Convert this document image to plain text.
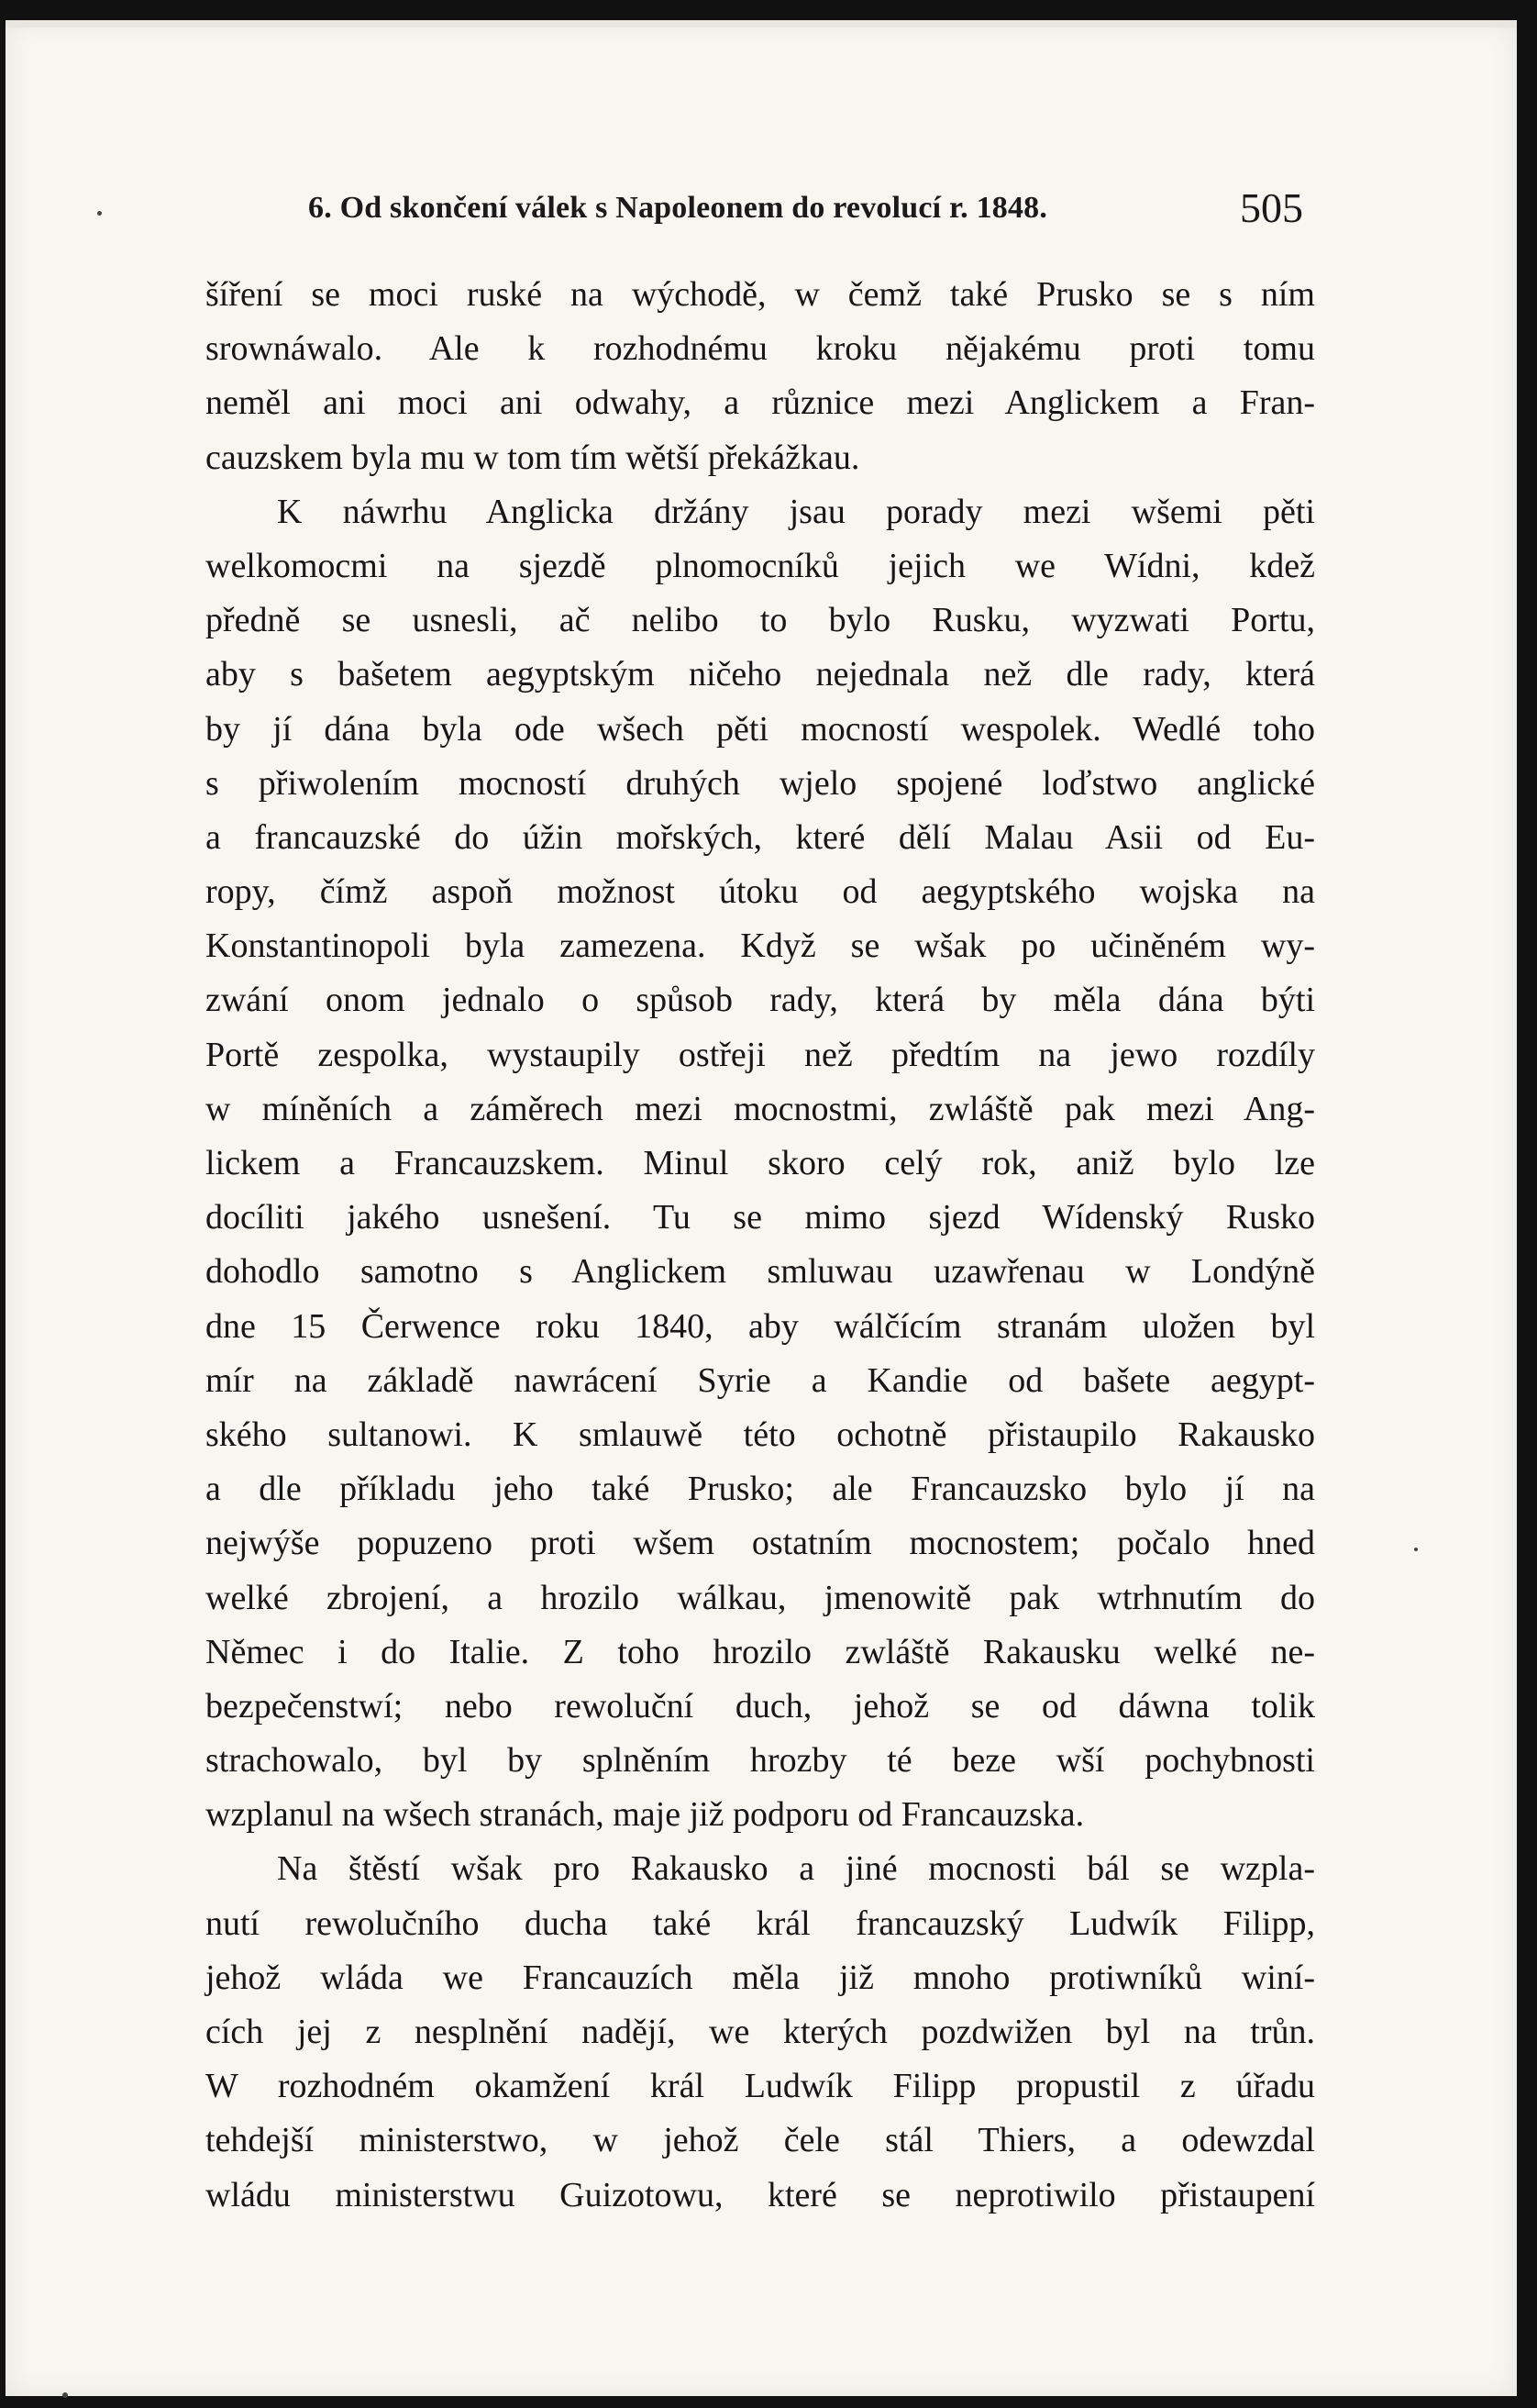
6. Od skončení válek s Napoleonem do revolucí r. 1848.	505
šíření se moci ruské na wýchodě, w čemž také Prusko se s ním
srownáwalo. Ale k rozhodnému kroku nějakému proti tomu
neměl ani moci ani odwahy, a různice mezi Anglickem a Fran-
cauzskem byla mu w tom tím wětší překážkau.
K náwrhu Anglicka držány jsau porady mezi wšemi pěti
welkomocmi na sjezdě plnomocníků jejich we Wídni, kdež
předně se usnesli, ač nelibo to bylo Rusku, wyzwati Portu,
aby s bašetem aegyptským ničeho nejednala než dle rady, která
by jí dána byla ode wšech pěti mocností wespolek. Wedlé toho
s přiwolením mocností druhých wjelo spojené loďstwo anglické
a francauzské do úžin mořských, které dělí Malau Asii od Eu-
ropy, čímž aspoň možnost útoku od aegyptského wojska na
Konstantinopoli byla zamezena. Když se wšak po učiněném wy-
zwání onom jednalo o spůsob rady, která by měla dána býti
Portě zespolka, wystaupily ostřeji než předtím na jewo rozdíly
w míněních a záměrech mezi mocnostmi, zwláště pak mezi Ang-
lickem a Francauzskem. Minul skoro celý rok, aniž bylo lze
docíliti jakého usnešení. Tu se mimo sjezd Wídenský Rusko
dohodlo samotno s Anglickem smluwau uzawřenau w Londýně
dne 15 Čerwence roku 1840, aby wálčícím stranám uložen byl
mír na základě nawrácení Syrie a Kandie od bašete aegypt-
ského sultanowi. K smlauwě této ochotně přistaupilo Rakausko
a dle příkladu jeho také Prusko; ale Francauzsko bylo jí na
nejwýše popuzeno proti wšem ostatním mocnostem; počalo hned
welké zbrojení, a hrozilo wálkau, jmenowitě pak wtrhnutím do
Němec i do Italie. Z toho hrozilo zwláště Rakausku welké ne-
bezpečenstwí; nebo rewoluční duch, jehož se od dáwna tolik
strachowalo, byl by splněním hrozby té beze wší pochybnosti
wzplanul na wšech stranách, maje již podporu od Francauzska.
Na štěstí wšak pro Rakausko a jiné mocnosti bál se wzpla-
nutí rewolučního ducha také král francauzský Ludwík Filipp,
jehož wláda we Francauzích měla již mnoho protiwníků winí-
cích jej z nesplnění nadějí, we kterých pozdwižen byl na trůn.
W rozhodném okamžení král Ludwík Filipp propustil z úřadu
tehdejší ministerstwo, w jehož čele stál Thiers, a odewzdal
wládu ministerstwu Guizotowu, které se neprotiwilo přistaupení
